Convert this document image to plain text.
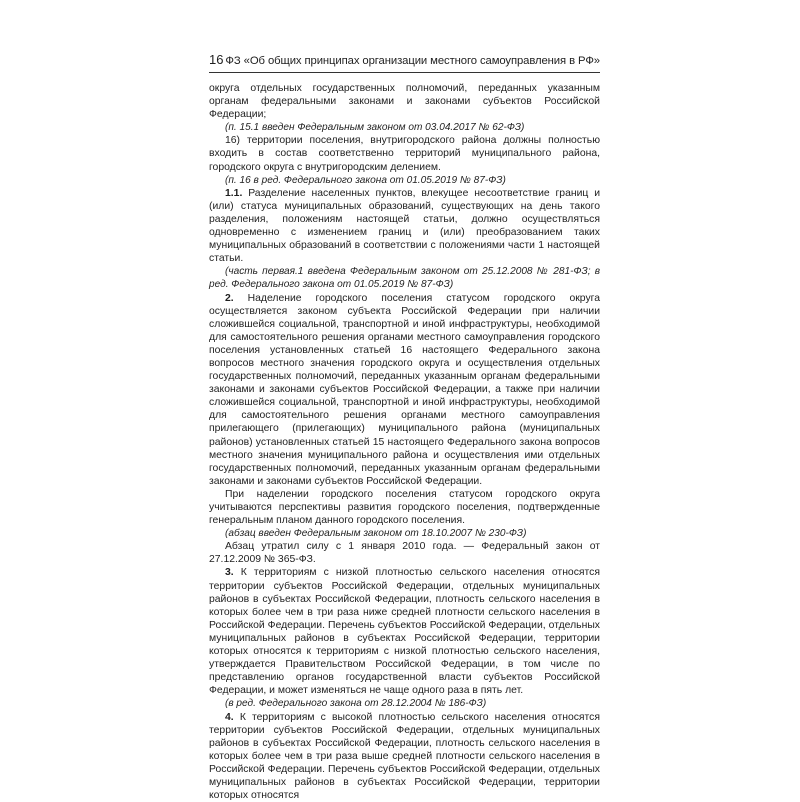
16 ФЗ «Об общих принципах организации местного самоуправления в РФ»

округа отдельных государственных полномочий, переданных указанным органам федеральными законами и законами субъектов Российской Федерации;

(п. 15.1 введен Федеральным законом от 03.04.2017 № 62-ФЗ)

16) территории поселения, внутригородского района должны полностью входить в состав соответственно территорий муниципального района, городского округа с внутригородским делением.

(п. 16 в ред. Федерального закона от 01.05.2019 № 87-ФЗ)

1.1. Разделение населенных пунктов, влекущее несоответствие границ и (или) статуса муниципальных образований, существующих на день такого разделения, положениям настоящей статьи, должно осуществляться одновременно с изменением границ и (или) преобразованием таких муниципальных образований в соответствии с положениями части 1 настоящей статьи.

(часть первая.1 введена Федеральным законом от 25.12.2008 № 281-ФЗ; в ред. Федерального закона от 01.05.2019 № 87-ФЗ)

2. Наделение городского поселения статусом городского округа осуществляется законом субъекта Российской Федерации при наличии сложившейся социальной, транспортной и иной инфраструктуры, необходимой для самостоятельного решения органами местного самоуправления городского поселения установленных статьей 16 настоящего Федерального закона вопросов местного значения городского округа и осуществления отдельных государственных полномочий, переданных указанным органам федеральными законами и законами субъектов Российской Федерации, а также при наличии сложившейся социальной, транспортной и иной инфраструктуры, необходимой для самостоятельного решения органами местного самоуправления прилегающего (прилегающих) муниципального района (муниципальных районов) установленных статьей 15 настоящего Федерального закона вопросов местного значения муниципального района и осуществления ими отдельных государственных полномочий, переданных указанным органам федеральными законами и законами субъектов Российской Федерации.

При наделении городского поселения статусом городского округа учитываются перспективы развития городского поселения, подтвержденные генеральным планом данного городского поселения.

(абзац введен Федеральным законом от 18.10.2007 № 230-ФЗ)

Абзац утратил силу с 1 января 2010 года. — Федеральный закон от 27.12.2009 № 365-ФЗ.

3. К территориям с низкой плотностью сельского населения относятся территории субъектов Российской Федерации, отдельных муниципальных районов в субъектах Российской Федерации, плотность сельского населения в которых более чем в три раза ниже средней плотности сельского населения в Российской Федерации. Перечень субъектов Российской Федерации, отдельных муниципальных районов в субъектах Российской Федерации, территории которых относятся к территориям с низкой плотностью сельского населения, утверждается Правительством Российской Федерации, в том числе по представлению органов государственной власти субъектов Российской Федерации, и может изменяться не чаще одного раза в пять лет.

(в ред. Федерального закона от 28.12.2004 № 186-ФЗ)

4. К территориям с высокой плотностью сельского населения относятся территории субъектов Российской Федерации, отдельных муниципальных районов в субъектах Российской Федерации, плотность сельского населения в которых более чем в три раза выше средней плотности сельского населения в Российской Федерации. Перечень субъектов Российской Федерации, отдельных муниципальных районов в субъектах Российской Федерации, территории которых относятся
